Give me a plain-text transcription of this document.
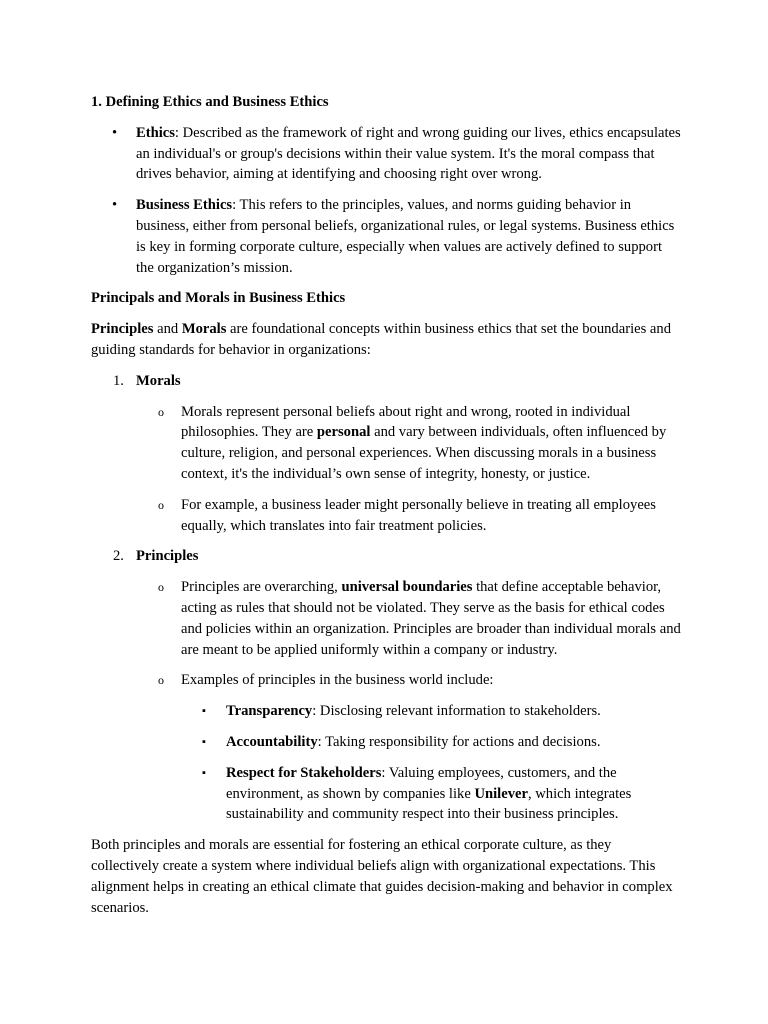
1. Defining Ethics and Business Ethics

• Ethics: Described as the framework of right and wrong guiding our lives, ethics encapsulates an individual's or group's decisions within their value system. It's the moral compass that drives behavior, aiming at identifying and choosing right over wrong.
• Business Ethics: This refers to the principles, values, and norms guiding behavior in business, either from personal beliefs, organizational rules, or legal systems. Business ethics is key in forming corporate culture, especially when values are actively defined to support the organization’s mission.

Principals and Morals in Business Ethics

Principles and Morals are foundational concepts within business ethics that set the boundaries and guiding standards for behavior in organizations:

1. Morals

o Morals represent personal beliefs about right and wrong, rooted in individual philosophies. They are personal and vary between individuals, often influenced by culture, religion, and personal experiences. When discussing morals in a business context, it's the individual’s own sense of integrity, honesty, or justice.
o For example, a business leader might personally believe in treating all employees equally, which translates into fair treatment policies.

2. Principles

o Principles are overarching, universal boundaries that define acceptable behavior, acting as rules that should not be violated. They serve as the basis for ethical codes and policies within an organization. Principles are broader than individual morals and are meant to be applied uniformly within a company or industry.
o Examples of principles in the business world include:
▪ Transparency: Disclosing relevant information to stakeholders.
▪ Accountability: Taking responsibility for actions and decisions.
▪ Respect for Stakeholders: Valuing employees, customers, and the environment, as shown by companies like Unilever, which integrates sustainability and community respect into their business principles.

Both principles and morals are essential for fostering an ethical corporate culture, as they collectively create a system where individual beliefs align with organizational expectations. This alignment helps in creating an ethical climate that guides decision-making and behavior in complex scenarios.
